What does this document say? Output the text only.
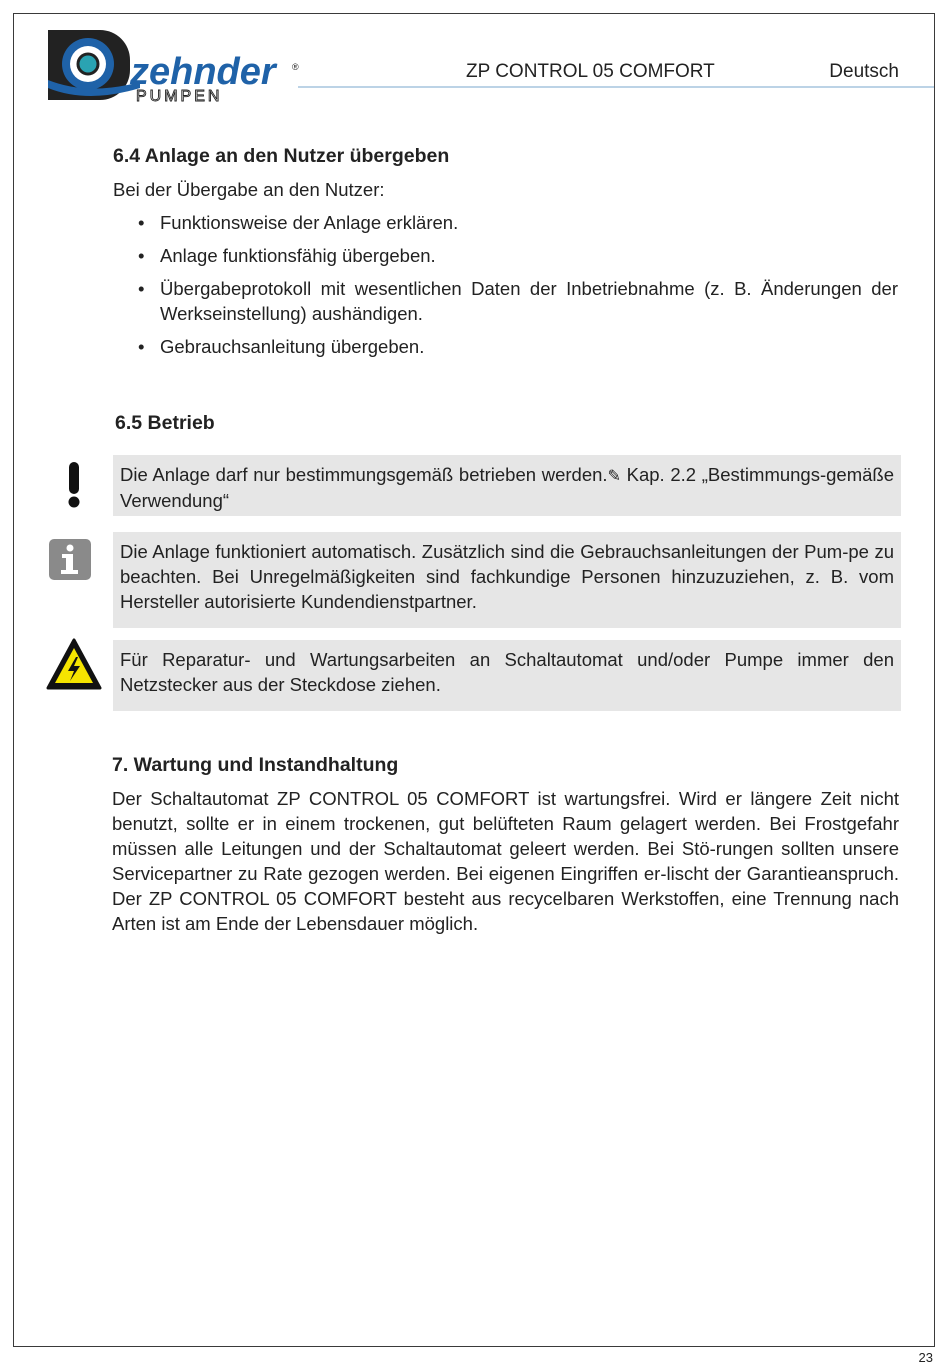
zehnder
PUMPEN
®	ZP CONTROL 05 COMFORT	Deutsch
6.4 Anlage an den Nutzer übergeben
Bei der Übergabe an den Nutzer:
• Funktionsweise der Anlage erklären.
• Anlage funktionsfähig übergeben.
• Übergabeprotokoll mit wesentlichen Daten der Inbetriebnahme (z. B. Änderungen der Werkseinstellung) aushändigen.
• Gebrauchsanleitung übergeben.
6.5 Betrieb
Die Anlage darf nur bestimmungsgemäß betrieben werden.✎ Kap. 2.2 „Bestimmungs-gemäße Verwendung“
Die Anlage funktioniert automatisch. Zusätzlich sind die Gebrauchsanleitungen der Pum-pe zu beachten. Bei Unregelmäßigkeiten sind fachkundige Personen hinzuzuziehen, z. B. vom Hersteller autorisierte Kundendienstpartner.
Für Reparatur- und Wartungsarbeiten an Schaltautomat und/oder Pumpe immer den Netzstecker aus der Steckdose ziehen.
7. Wartung und Instandhaltung
Der Schaltautomat ZP CONTROL 05 COMFORT ist wartungsfrei. Wird er längere Zeit nicht benutzt, sollte er in einem trockenen, gut belüfteten Raum gelagert werden. Bei Frostgefahr müssen alle Leitungen und der Schaltautomat geleert werden. Bei Stö-rungen sollten unsere Servicepartner zu Rate gezogen werden. Bei eigenen Eingriffen er-lischt der Garantieanspruch. Der ZP CONTROL 05 COMFORT besteht aus recycelbaren Werkstoffen, eine Trennung nach Arten ist am Ende der Lebensdauer möglich.
23
